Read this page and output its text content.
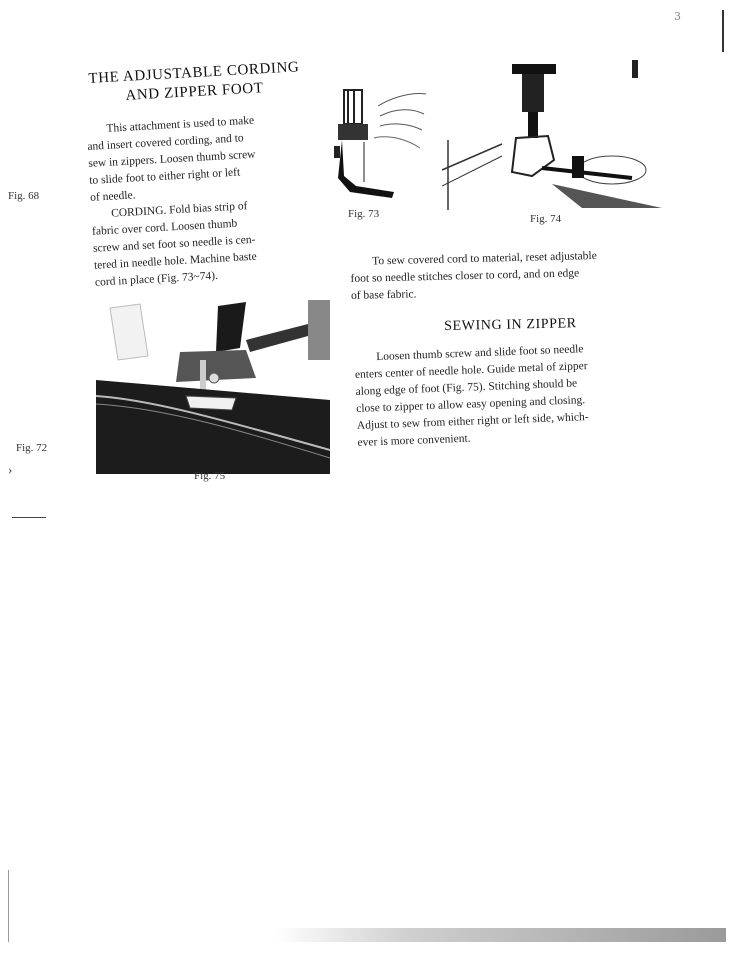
3
Fig. 68
Fig. 72
›
THE ADJUSTABLE CORDING
AND ZIPPER FOOT
This attachment is used to make
and insert covered cording, and to
sew in zippers. Loosen thumb screw
to slide foot to either right or left
of needle.
CORDING. Fold bias strip of
fabric over cord. Loosen thumb
screw and set foot so needle is cen-
tered in needle hole. Machine baste
cord in place (Fig. 73~74).
Fig. 73	Fig. 74
To sew covered cord to material, reset adjustable
foot so needle stitches closer to cord, and on edge
of base fabric.
Fig. 75
SEWING IN ZIPPER
Loosen thumb screw and slide foot so needle
enters center of needle hole. Guide metal of zipper
along edge of foot (Fig. 75). Stitching should be
close to zipper to allow easy opening and closing.
Adjust to sew from either right or left side, which-
ever is more convenient.
